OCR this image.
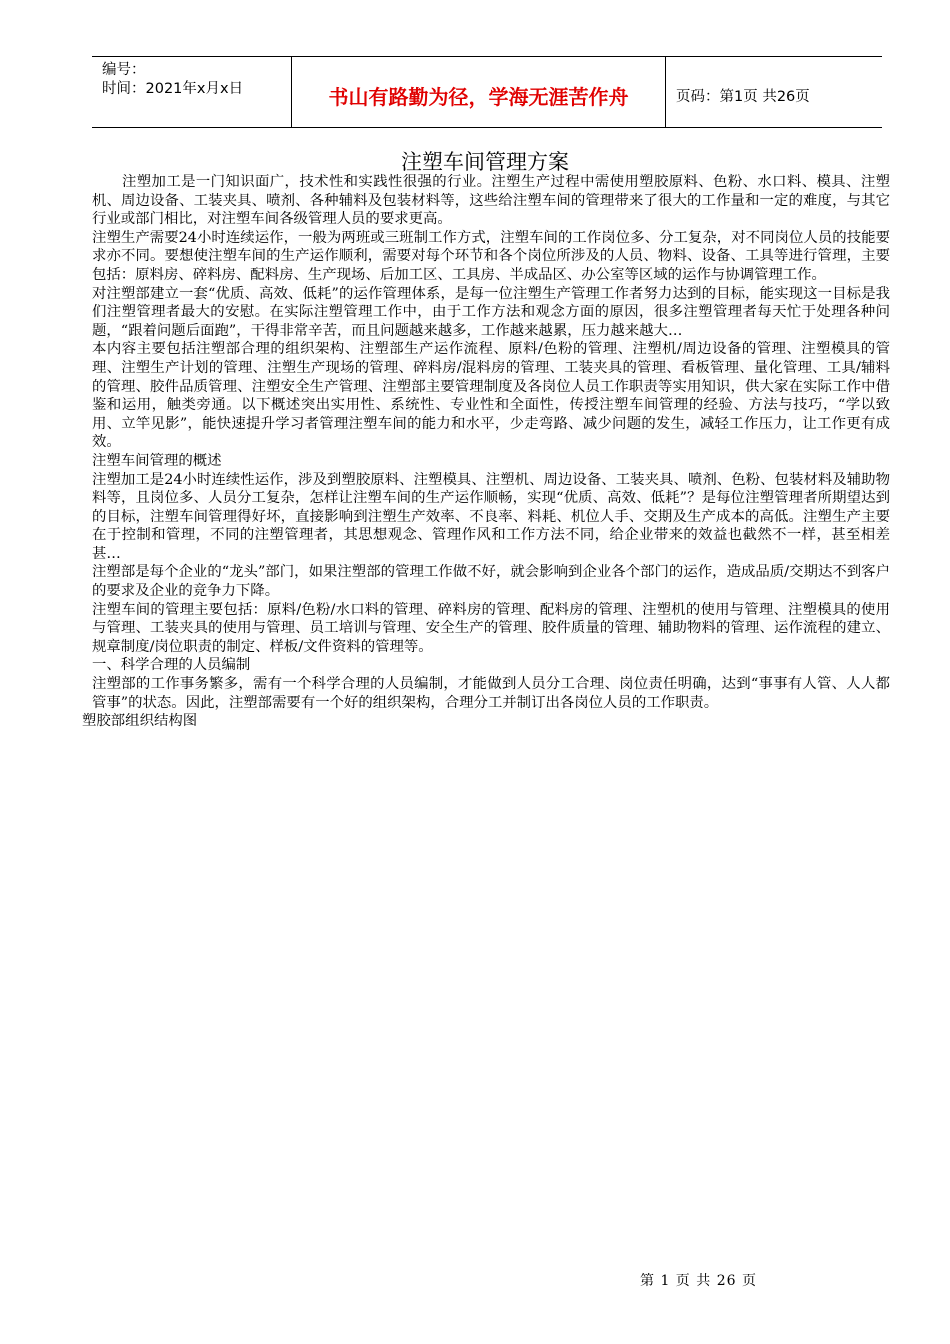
编号：
时间：2021年x月x日	书山有路勤为径，学海无涯苦作舟	页码：第1页 共26页
注塑车间管理方案

注塑加工是一门知识面广，技术性和实践性很强的行业。注塑生产过程中需使用塑胶原料、色粉、水口料、模具、注塑机、周边设备、工装夹具、喷剂、各种辅料及包装材料等，这些给注塑车间的管理带来了很大的工作量和一定的难度，与其它行业或部门相比，对注塑车间各级管理人员的要求更高。

注塑生产需要24小时连续运作，一般为两班或三班制工作方式，注塑车间的工作岗位多、分工复杂，对不同岗位人员的技能要求亦不同。要想使注塑车间的生产运作顺利，需要对每个环节和各个岗位所涉及的人员、物料、设备、工具等进行管理，主要包括：原料房、碎料房、配料房、生产现场、后加工区、工具房、半成品区、办公室等区域的运作与协调管理工作。

对注塑部建立一套“优质、高效、低耗”的运作管理体系，是每一位注塑生产管理工作者努力达到的目标，能实现这一目标是我们注塑管理者最大的安慰。在实际注塑管理工作中，由于工作方法和观念方面的原因，很多注塑管理者每天忙于处理各种问题，“跟着问题后面跑”，干得非常辛苦，而且问题越来越多，工作越来越累，压力越来越大…

本内容主要包括注塑部合理的组织架构、注塑部生产运作流程、原料/色粉的管理、注塑机/周边设备的管理、注塑模具的管理、注塑生产计划的管理、注塑生产现场的管理、碎料房/混料房的管理、工装夹具的管理、看板管理、量化管理、工具/辅料的管理、胶件品质管理、注塑安全生产管理、注塑部主要管理制度及各岗位人员工作职责等实用知识，供大家在实际工作中借鉴和运用，触类旁通。以下概述突出实用性、系统性、专业性和全面性，传授注塑车间管理的经验、方法与技巧，“学以致用、立竿见影”，能快速提升学习者管理注塑车间的能力和水平，少走弯路、减少问题的发生，减轻工作压力，让工作更有成效。

注塑车间管理的概述

注塑加工是24小时连续性运作，涉及到塑胶原料、注塑模具、注塑机、周边设备、工装夹具、喷剂、色粉、包装材料及辅助物料等，且岗位多、人员分工复杂，怎样让注塑车间的生产运作顺畅，实现“优质、高效、低耗”？是每位注塑管理者所期望达到的目标，注塑车间管理得好坏，直接影响到注塑生产效率、不良率、料耗、机位人手、交期及生产成本的高低。注塑生产主要在于控制和管理，不同的注塑管理者，其思想观念、管理作风和工作方法不同，给企业带来的效益也截然不一样，甚至相差甚…

注塑部是每个企业的“龙头”部门，如果注塑部的管理工作做不好，就会影响到企业各个部门的运作，造成品质/交期达不到客户的要求及企业的竞争力下降。

注塑车间的管理主要包括：原料/色粉/水口料的管理、碎料房的管理、配料房的管理、注塑机的使用与管理、注塑模具的使用与管理、工装夹具的使用与管理、员工培训与管理、安全生产的管理、胶件质量的管理、辅助物料的管理、运作流程的建立、规章制度/岗位职责的制定、样板/文件资料的管理等。

一、科学合理的人员编制

注塑部的工作事务繁多，需有一个科学合理的人员编制，才能做到人员分工合理、岗位责任明确，达到“事事有人管、人人都管事”的状态。因此，注塑部需要有一个好的组织架构，合理分工并制订出各岗位人员的工作职责。

塑胶部组织结构图

第 1 页 共 26 页
